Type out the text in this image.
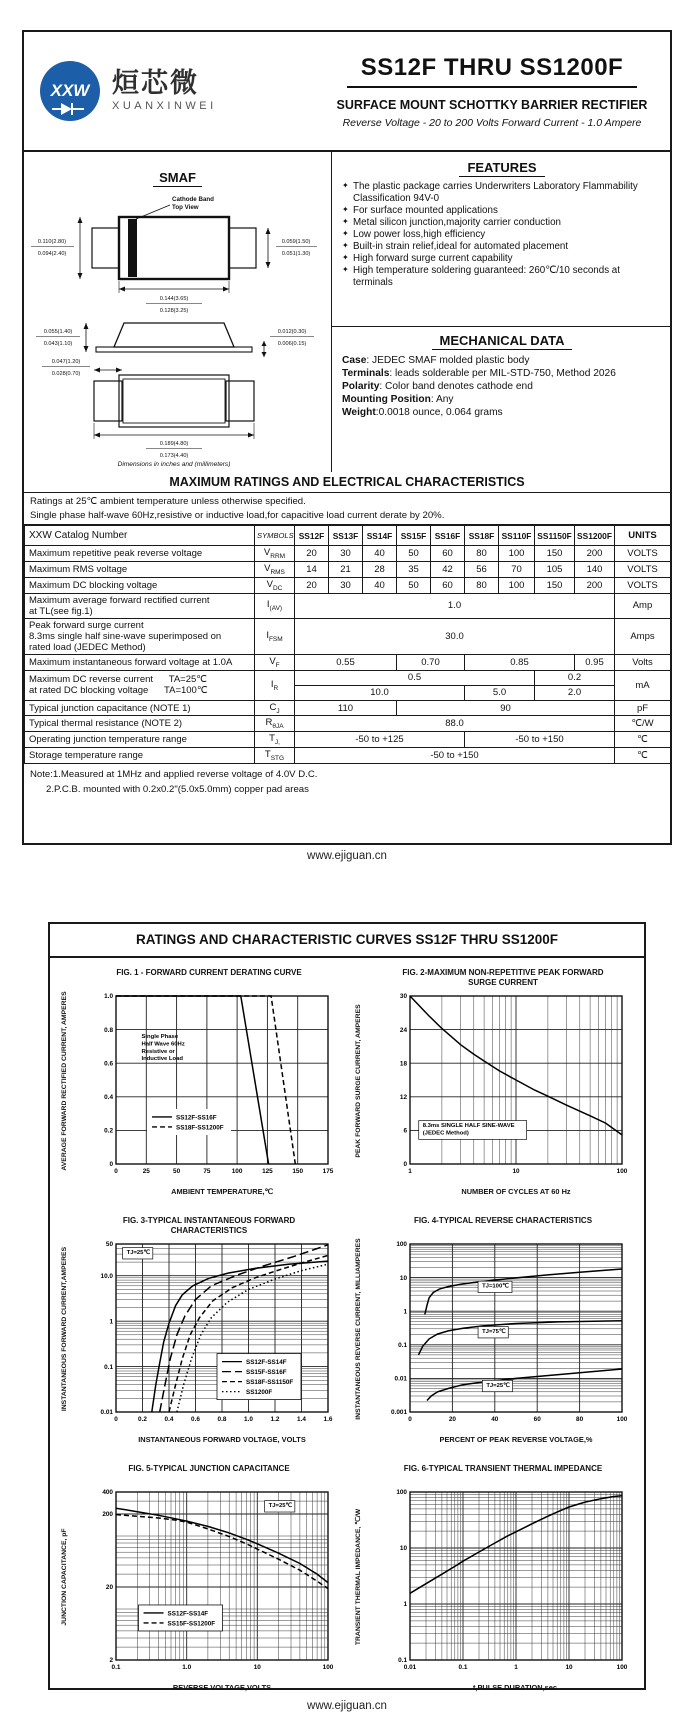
XXW 烜芯微
XUANXINWEI
SS12F THRU SS1200F
SURFACE MOUNT SCHOTTKY BARRIER RECTIFIER
Reverse Voltage - 20 to 200 Volts Forward Current - 1.0 Ampere
SMAF
Cathode Band
Top View
0.110(2.80)
0.094(2.40)
0.059(1.50)
0.051(1.30)
0.144(3.65)
0.128(3.25)
0.055(1.40)
0.043(1.10)
0.012(0.30)
0.006(0.15)
0.047(1.20)
0.028(0.70)
0.189(4.80)
0.173(4.40)
Dimensions in inches and (millimeters)
FEATURES
✦ The plastic package carries Underwriters Laboratory Flammability Classification 94V-0
✦ For surface mounted applications
✦ Metal silicon junction,majority carrier conduction
✦ Low power loss,high efficiency
✦ Built-in strain relief,ideal for automated placement
✦ High forward surge current capability
✦ High temperature soldering guaranteed: 260℃/10 seconds at terminals
MECHANICAL DATA
Case: JEDEC SMAF molded plastic body
Terminals: leads solderable per MIL-STD-750, Method 2026
Polarity: Color band denotes cathode end
Mounting Position: Any
Weight:0.0018 ounce, 0.064 grams
MAXIMUM RATINGS AND ELECTRICAL CHARACTERISTICS
Ratings at 25℃ ambient temperature unless otherwise specified.
Single phase half-wave 60Hz,resistive or inductive load,for capacitive load current derate by 20%.
XXW Catalog Number	SYMBOLS	SS12F	SS13F	SS14F	SS15F	SS16F	SS18F	SS110F	SS1150F	SS1200F	UNITS

Maximum repetitive peak reverse voltage	$V_{RRM}$	20	30	40	50	60	80	100	150	200	VOLTS

Maximum RMS voltage	$V_{RMS}$	14	21	28	35	42	56	70	105	140	VOLTS

Maximum DC blocking voltage	$V_{DC}$	20	30	40	50	60	80	100	150	200	VOLTS

Maximum average forward rectified current
at TL(see fig.1)	$I_{(AV)}$	1.0									Amp

Peak forward surge current
8.3ms single half sine-wave superimposed on
rated load (JEDEC Method)	$I_{FSM}$	30.0									Amps

Maximum instantaneous forward voltage at 1.0A	$V_F$	0.55			0.70		0.85			0.95	Volts

Maximum DC reverse current      TA=25℃
at rated DC blocking voltage      TA=100℃	$I_R$	0.5							0.2		mA
		10.0					5.0		2.0		

Typical junction capacitance (NOTE 1)	$C_J$	110			90						pF

Typical thermal resistance (NOTE 2)	$R_{\theta JA}$	88.0									℃/W

Operating junction temperature range	$T_{J,}$	-50 to +125					-50 to +150				℃

Storage temperature range	$T_{STG}$	-50 to +150									℃
Note:1.Measured at 1MHz and applied reverse voltage of 4.0V D.C.
2.P.C.B. mounted with 0.2x0.2"(5.0x5.0mm) copper pad areas
www.ejiguan.cn
RATINGS AND CHARACTERISTIC CURVES SS12F THRU SS1200F
FIG. 1 - FORWARD CURRENT DERATING CURVE
AVERAGE FORWARD RECTIFIED CURRENT, AMPERES	SS12F-SS16F
SS18F-SS1200F
Single Phase
Half Wave 60Hz
Resistive or
Inductive Load
0	25	50	75	100	125	150	175
0
0.2
0.4
0.6
0.8
1.0
AMBIENT TEMPERATURE,℃
FIG. 2-MAXIMUM NON-REPETITIVE PEAK FORWARD SURGE CURRENT
PEAK FORWARD SURGE CURRENT, AMPERES	8.3ms SINGLE HALF SINE-WAVE
(JEDEC Method)
1	10	100
0
6
12
18
24
30
NUMBER OF CYCLES AT 60 Hz
FIG. 3-TYPICAL INSTANTANEOUS FORWARD CHARACTERISTICS
INSTANTANEOUS FORWARD CURRENT,AMPERES	SS12F-SS14F
SS15F-SS16F
SS18F-SS1150F
SS1200F
TJ=25℃
0	0.2	0.4	0.6	0.8	1.0	1.2	1.4	1.6
0.01
0.1
1
10.0
50
INSTANTANEOUS FORWARD VOLTAGE, VOLTS
FIG. 4-TYPICAL REVERSE CHARACTERISTICS
INSTANTANEOUS REVERSE CURRENT, MILLIAMPERES	TJ=100℃
TJ=75℃
TJ=25℃
0	20	40	60	80	100
0.001
0.01
0.1
1
10
100
PERCENT OF PEAK REVERSE VOLTAGE,%
FIG. 5-TYPICAL JUNCTION CAPACITANCE
JUNCTION CAPACITANCE, pF	SS12F-SS14F
SS15F-SS1200F
TJ=25℃
0.1	1.0	10	100
2
20
200
400
REVERSE VOLTAGE,VOLTS
FIG. 6-TYPICAL TRANSIENT THERMAL IMPEDANCE
TRANSIENT THERMAL IMPEDANCE, ℃/W
0.01	0.1	1	10	100
0.1
1
10
100
t,PULSE DURATION,sec.
www.ejiguan.cn
